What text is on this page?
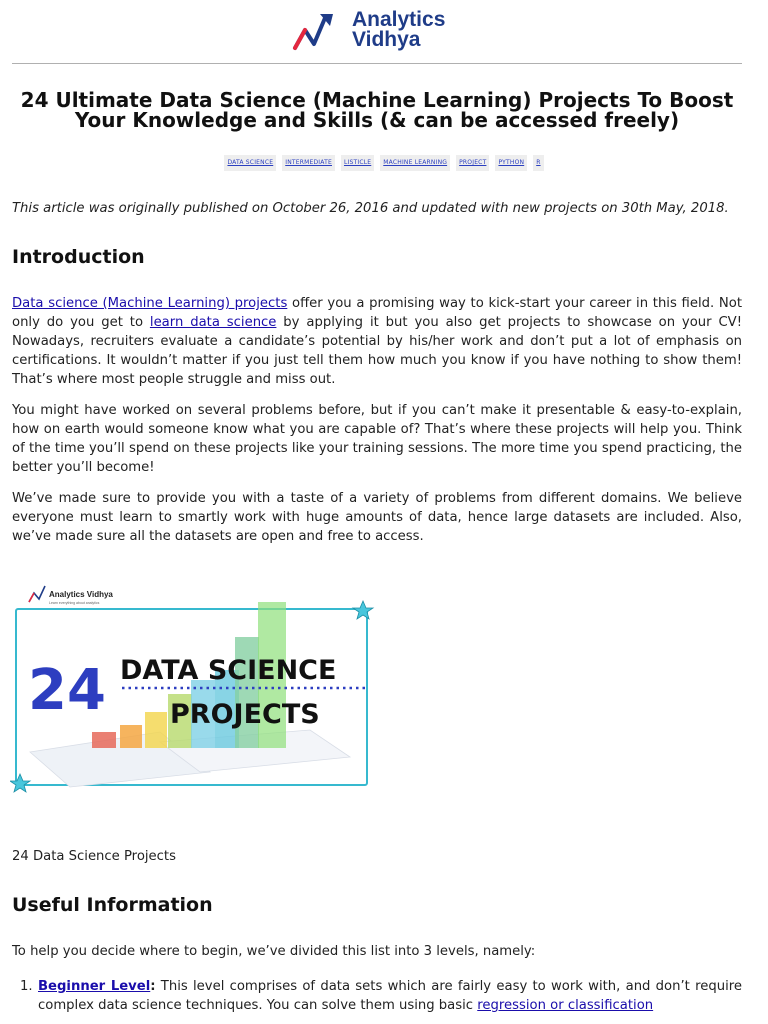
Analytics
Vidhya
24 Ultimate Data Science (Machine Learning) Projects To Boost Your Knowledge and Skills (& can be accessed freely)
DATA SCIENCE INTERMEDIATE LISTICLE MACHINE LEARNING PROJECT PYTHON R

This article was originally published on October 26, 2016 and updated with new projects on 30th May, 2018.

Introduction

Data science (Machine Learning) projects offer you a promising way to kick-start your career in this field. Not only do you get to learn data science by applying it but you also get projects to showcase on your CV! Nowadays, recruiters evaluate a candidate’s potential by his/her work and don’t put a lot of emphasis on certifications. It wouldn’t matter if you just tell them how much you know if you have nothing to show them! That’s where most people struggle and miss out.

You might have worked on several problems before, but if you can’t make it presentable & easy-to-explain, how on earth would someone know what you are capable of? That’s where these projects will help you. Think of the time you’ll spend on these projects like your training sessions. The more time you spend practicing, the better you’ll become!

We’ve made sure to provide you with a taste of a variety of problems from different domains. We believe everyone must learn to smartly work with huge amounts of data, hence large datasets are included. Also, we’ve made sure all the datasets are open and free to access.

Analytics Vidhya
Learn everything about analytics
24 DATA SCIENCE
PROJECTS

24 Data Science Projects

Useful Information

To help you decide where to begin, we’ve divided this list into 3 levels, namely:

1. Beginner Level: This level comprises of data sets which are fairly easy to work with, and don’t require complex data science techniques. You can solve them using basic regression or classification
